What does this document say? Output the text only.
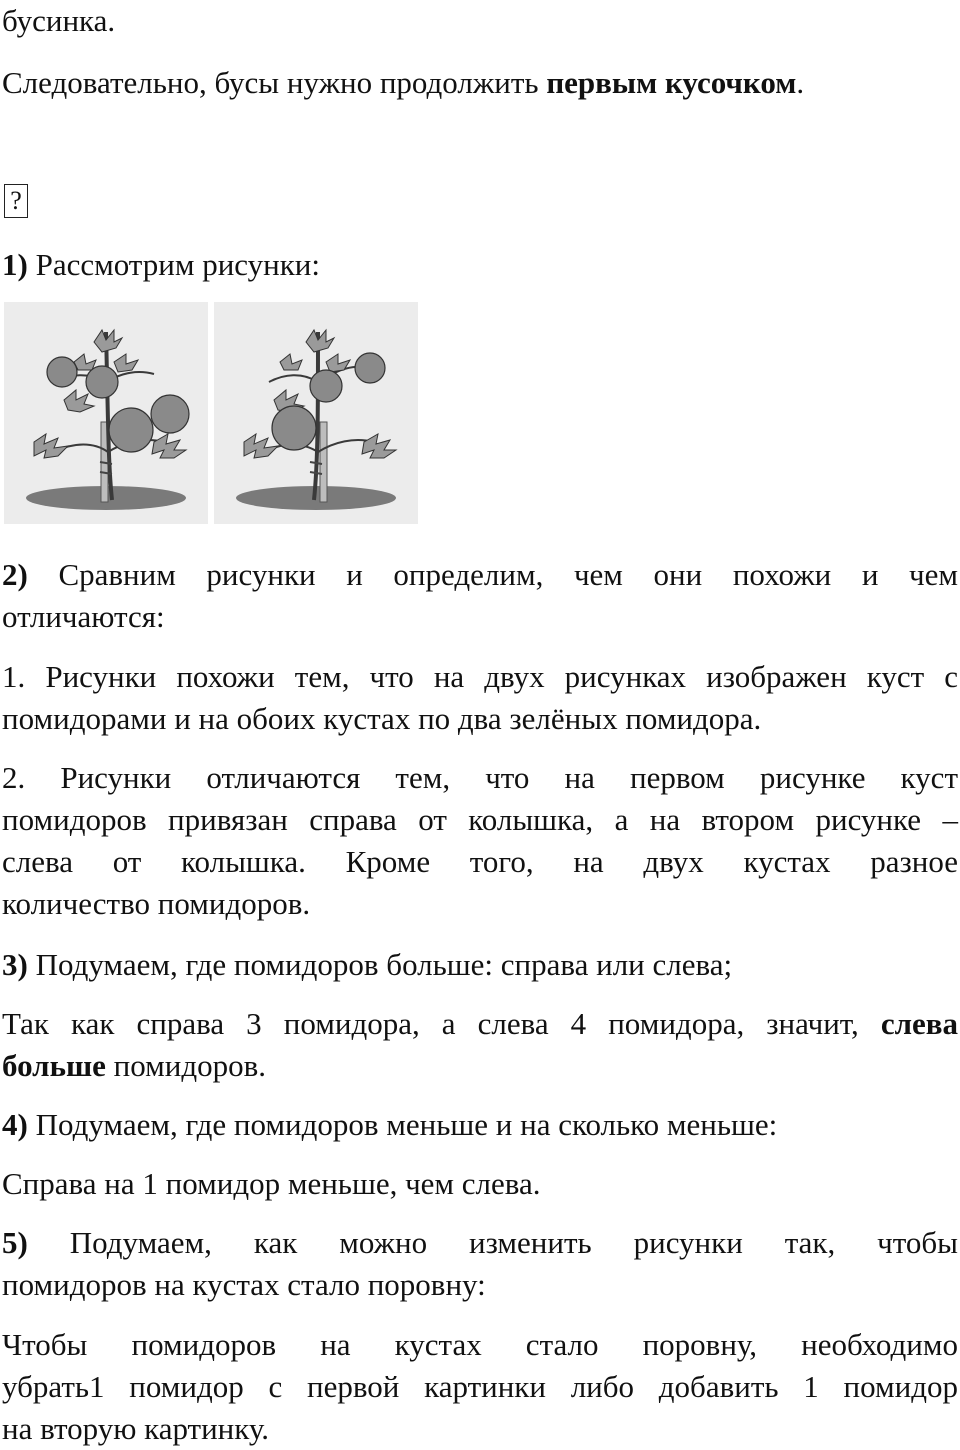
бусинка.

Следовательно, бусы нужно продолжить первым кусочком.

?

1) Рассмотрим рисунки:

2) Сравним рисунки и определим, чем они похожи и чем
отличаются:

1. Рисунки похожи тем, что на двух рисунках изображен куст с
помидорами и на обоих кустах по два зелёных помидора.

2. Рисунки отличаются тем, что на первом рисунке куст
помидоров привязан справа от колышка, а на втором рисунке –
слева от колышка. Кроме того, на двух кустах разное
количество помидоров.

3) Подумаем, где помидоров больше: справа или слева;

Так как справа 3 помидора, а слева 4 помидора, значит, слева
больше помидоров.

4) Подумаем, где помидоров меньше и на сколько меньше:

Справа на 1 помидор меньше, чем слева.

5) Подумаем, как можно изменить рисунки так, чтобы
помидоров на кустах стало поровну:

Чтобы помидоров на кустах стало поровну, необходимо
убрать1 помидор с первой картинки либо добавить 1 помидор
на вторую картинку.
